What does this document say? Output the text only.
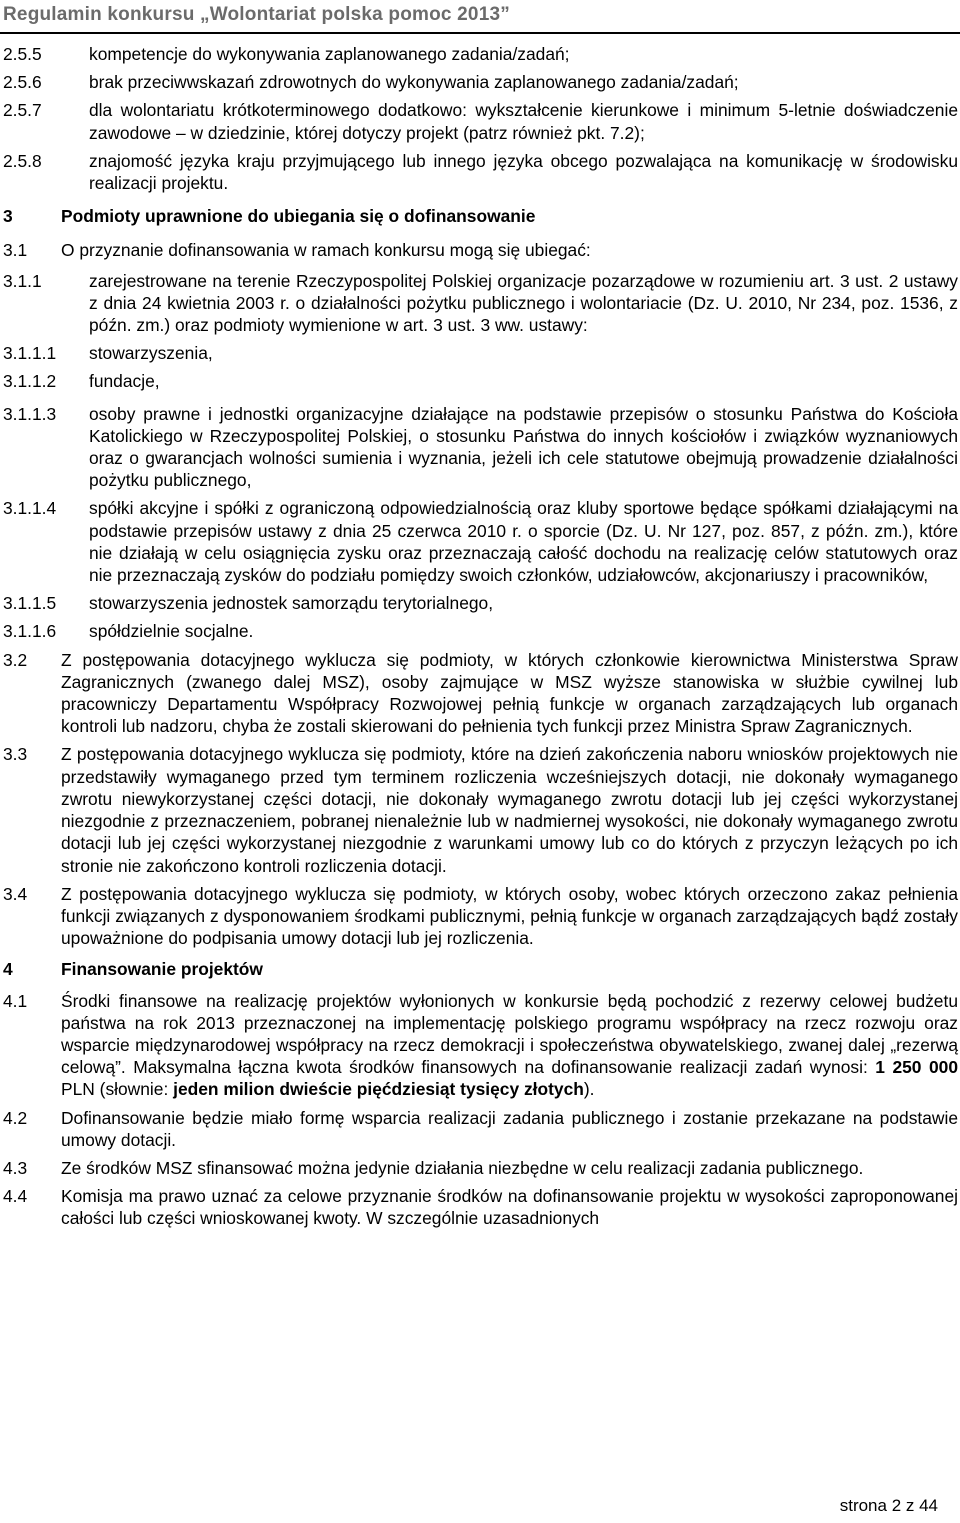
Regulamin konkursu „Wolontariat polska pomoc 2013”
2.5.5	kompetencje do wykonywania zaplanowanego zadania/zadań;
2.5.6	brak przeciwwskazań zdrowotnych do wykonywania zaplanowanego zadania/zadań;
2.5.7	dla wolontariatu krótkoterminowego dodatkowo: wykształcenie kierunkowe i minimum 5-letnie doświadczenie zawodowe – w dziedzinie, której dotyczy projekt (patrz również pkt. 7.2);
2.5.8	znajomość języka kraju przyjmującego lub innego języka obcego pozwalająca na komunikację w środowisku realizacji projektu.
3	Podmioty uprawnione do ubiegania się o dofinansowanie
3.1 O przyznanie dofinansowania w ramach konkursu mogą się ubiegać:
3.1.1	zarejestrowane na terenie Rzeczypospolitej Polskiej organizacje pozarządowe w rozumieniu art. 3 ust. 2 ustawy z dnia 24 kwietnia 2003 r. o działalności pożytku publicznego i wolontariacie (Dz. U. 2010, Nr 234, poz. 1536, z późn. zm.) oraz podmioty wymienione w art. 3 ust. 3 ww. ustawy:
3.1.1.1 stowarzyszenia,
3.1.1.2 fundacje,
3.1.1.3 osoby prawne i jednostki organizacyjne działające na podstawie przepisów o stosunku Państwa do Kościoła Katolickiego w Rzeczypospolitej Polskiej, o stosunku Państwa do innych kościołów i związków wyznaniowych oraz o gwarancjach wolności sumienia i wyznania, jeżeli ich cele statutowe obejmują prowadzenie działalności pożytku publicznego,
3.1.1.4 spółki akcyjne i spółki z ograniczoną odpowiedzialnością oraz kluby sportowe będące spółkami działającymi na podstawie przepisów ustawy z dnia 25 czerwca 2010 r. o sporcie (Dz. U. Nr 127, poz. 857, z późn. zm.), które nie działają w celu osiągnięcia zysku oraz przeznaczają całość dochodu na realizację celów statutowych oraz nie przeznaczają zysków do podziału pomiędzy swoich członków, udziałowców, akcjonariuszy i pracowników,
3.1.1.5 stowarzyszenia jednostek samorządu terytorialnego,
3.1.1.6 spółdzielnie socjalne.
3.2 Z postępowania dotacyjnego wyklucza się podmioty, w których członkowie kierownictwa Ministerstwa Spraw Zagranicznych (zwanego dalej MSZ), osoby zajmujące w MSZ wyższe stanowiska w służbie cywilnej lub pracowniczy Departamentu Współpracy Rozwojowej pełnią funkcje w organach zarządzających lub organach kontroli lub nadzoru, chyba że zostali skierowani do pełnienia tych funkcji przez Ministra Spraw Zagranicznych.
3.3 Z postępowania dotacyjnego wyklucza się podmioty, które na dzień zakończenia naboru wniosków projektowych nie przedstawiły wymaganego przed tym terminem rozliczenia wcześniejszych dotacji, nie dokonały wymaganego zwrotu niewykorzystanej części dotacji, nie dokonały wymaganego zwrotu dotacji lub jej części wykorzystanej niezgodnie z przeznaczeniem, pobranej nienależnie lub w nadmiernej wysokości, nie dokonały wymaganego zwrotu dotacji lub jej części wykorzystanej niezgodnie z warunkami umowy lub co do których z przyczyn leżących po ich stronie nie zakończono kontroli rozliczenia dotacji.
3.4 Z postępowania dotacyjnego wyklucza się podmioty, w których osoby, wobec których orzeczono zakaz pełnienia funkcji związanych z dysponowaniem środkami publicznymi, pełnią funkcje w organach zarządzających bądź zostały upoważnione do podpisania umowy dotacji lub jej rozliczenia.
4	Finansowanie projektów
4.1 Środki finansowe na realizację projektów wyłonionych w konkursie będą pochodzić z rezerwy celowej budżetu państwa na rok 2013 przeznaczonej na implementację polskiego programu współpracy na rzecz rozwoju oraz wsparcie międzynarodowej współpracy na rzecz demokracji i społeczeństwa obywatelskiego, zwanej dalej „rezerwą celową”. Maksymalna łączna kwota środków finansowych na dofinansowanie realizacji zadań wynosi: 1 250 000 PLN (słownie: jeden milion dwieście pięćdziesiąt tysięcy złotych).
4.2 Dofinansowanie będzie miało formę wsparcia realizacji zadania publicznego i zostanie przekazane na podstawie umowy dotacji.
4.3 Ze środków MSZ sfinansować można jedynie działania niezbędne w celu realizacji zadania publicznego.
4.4 Komisja ma prawo uznać za celowe przyznanie środków na dofinansowanie projektu w wysokości zaproponowanej całości lub części wnioskowanej kwoty. W szczególnie uzasadnionych
strona 2 z 44
